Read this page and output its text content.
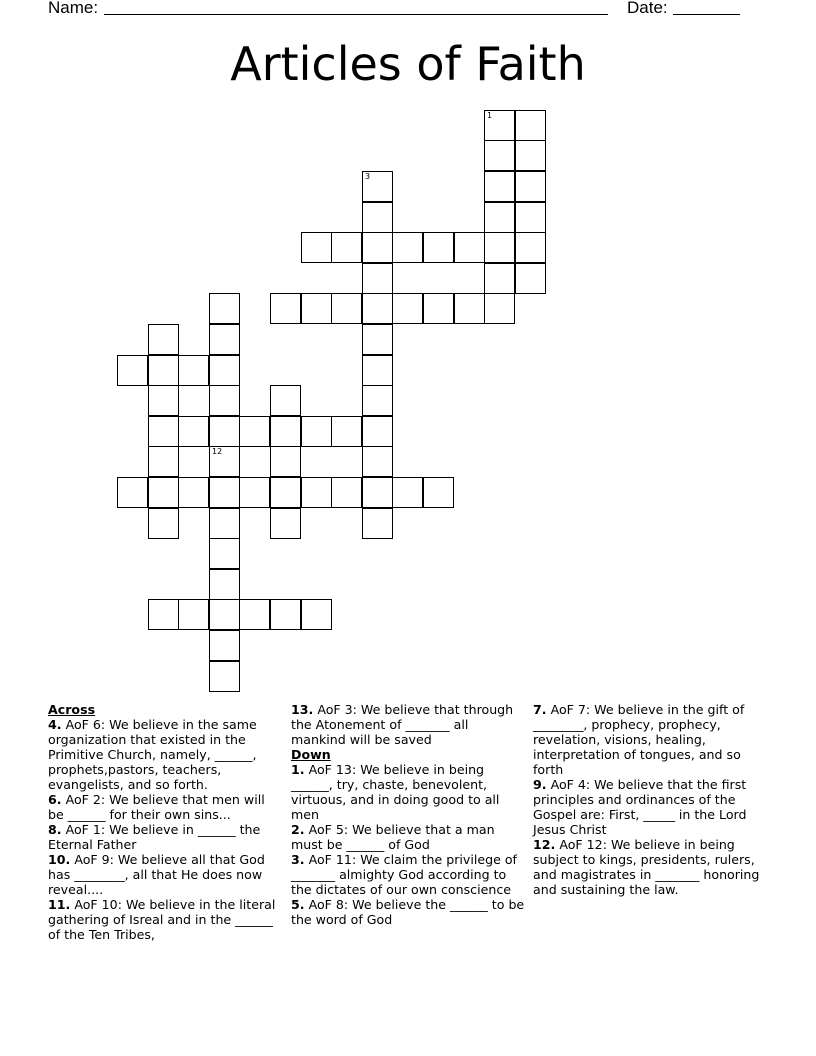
Name:	Date:
Articles of Faith
1
3
12
Across
4. AoF 6: We believe in the same organization that existed in the Primitive Church, namely, ______, prophets,pastors, teachers, evangelists, and so forth.
6. AoF 2: We believe that men will be ______ for their own sins...
8. AoF 1: We believe in ______ the Eternal Father
10. AoF 9: We believe all that God has ________, all that He does now reveal....
11. AoF 10: We believe in the literal gathering of Isreal and in the ______ of the Ten Tribes,
13. AoF 3: We believe that through the Atonement of _______ all mankind will be saved
Down
1. AoF 13: We believe in being ______, try, chaste, benevolent, virtuous, and in doing good to all men
2. AoF 5: We believe that a man must be ______ of God
3. AoF 11: We claim the privilege of _______ almighty God according to the dictates of our own conscience
5. AoF 8: We believe the ______ to be the word of God
7. AoF 7: We believe in the gift of ________, prophecy, prophecy, revelation, visions, healing, interpretation of tongues, and so forth
9. AoF 4: We believe that the first principles and ordinances of the Gospel are: First, _____ in the Lord Jesus Christ
12. AoF 12: We believe in being subject to kings, presidents, rulers, and magistrates in _______ honoring and sustaining the law.
